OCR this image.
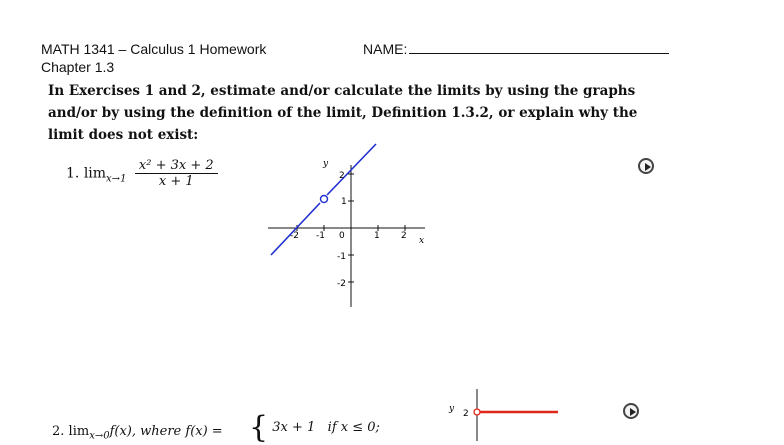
MATH 1341 – Calculus 1 Homework
Chapter 1.3
NAME:
In Exercises 1 and 2, estimate and/or calculate the limits by using the graphs and/or by using the definition of the limit, Definition 1.3.2, or explain why the limit does not exist:
1. $\lim_{x\to 1} \frac{\text{x² + 3x + 2}}{x + 1}$	y
x
2
1
-1 0	1 2
-2
-1
-2
y 2
2. $\lim_{x\to 0}f(x)$, where f(x) = { 3x + 1 if x ≤ 0;
